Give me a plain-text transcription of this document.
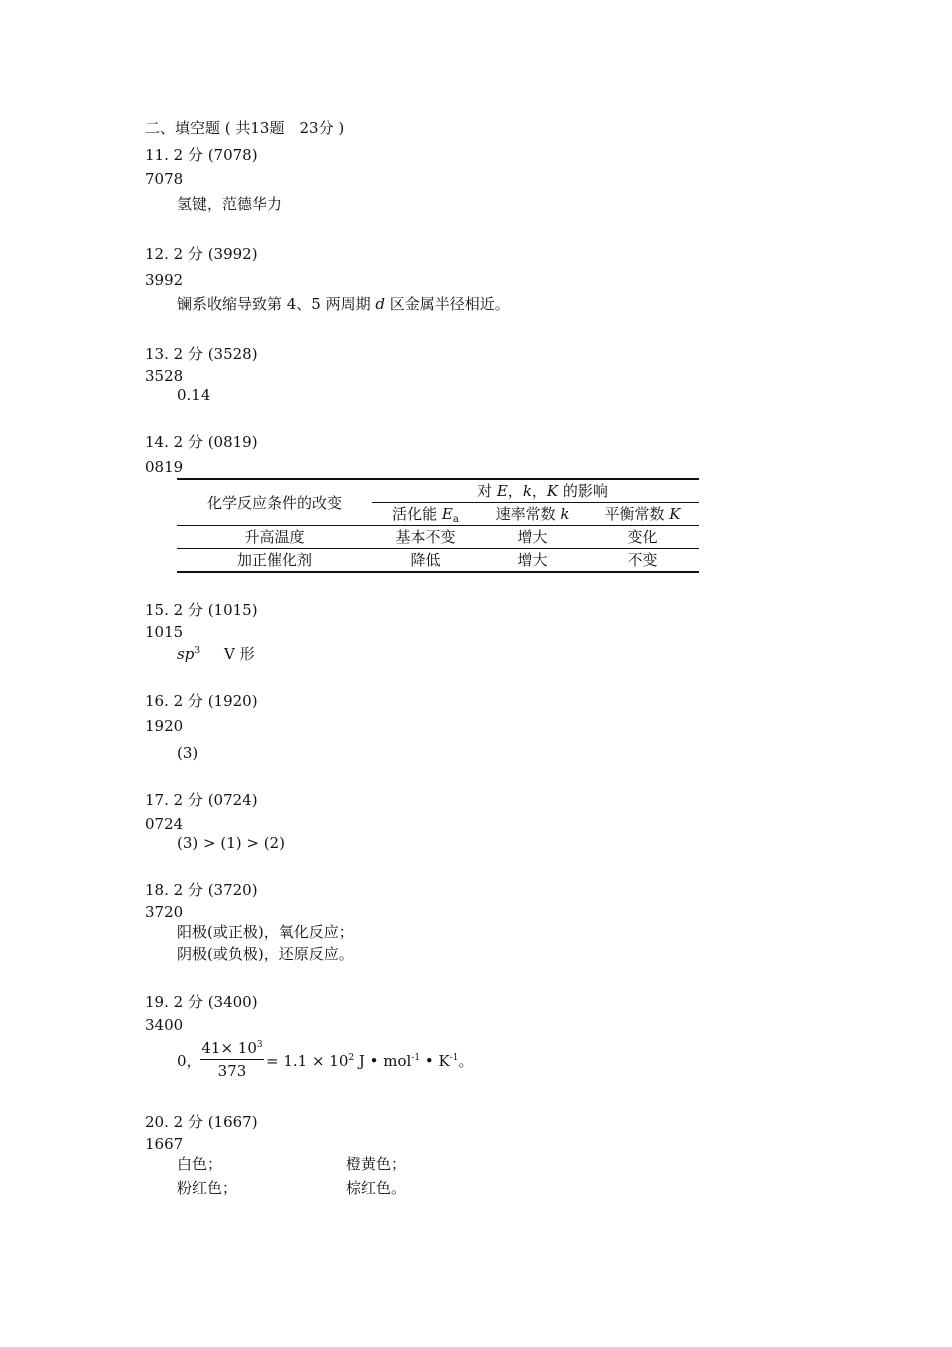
二、填空题 ( 共13题　23分 )
11. 2 分 (7078)
7078
氢键，范德华力
12. 2 分 (3992)
3992
镧系收缩导致第 4、5 两周期 d 区金属半径相近。
13. 2 分 (3528)
3528
0.14
14. 2 分 (0819)
0819
化学反应条件的改变	对 E，k，K 的影响		
	活化能 $E_a$	速率常数 k	平衡常数 K
升高温度	基本不变	增大	变化
加正催化剂	降低	增大	不变
15. 2 分 (1015)
1015
$sp^3$ V 形
16. 2 分 (1920)
1920
(3)
17. 2 分 (0724)
0724
(3) > (1) > (2)
18. 2 分 (3720)
3720
阳极(或正极)，氧化反应；
阴极(或负极)，还原反应。
19. 2 分 (3400)
3400
0，
$41\times 10^3$
373
= $1.1 \times 10^2$ J • mol$^{-1}$ • $K^{-1}$。
20. 2 分 (1667)
1667
白色；	橙黄色；
粉红色；	棕红色。
